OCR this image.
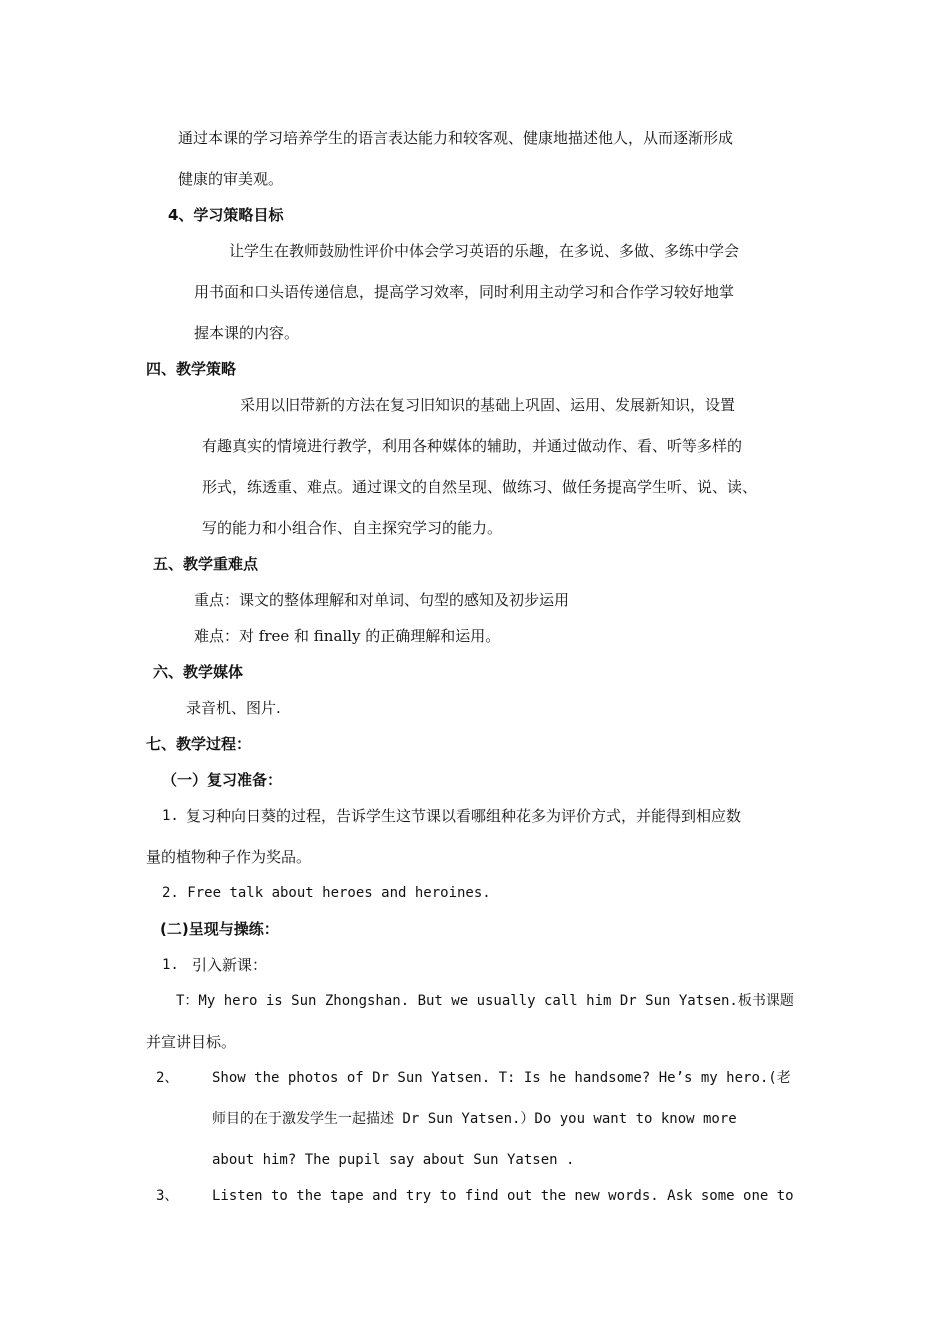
通过本课的学习培养学生的语言表达能力和较客观、健康地描述他人，从而逐渐形成
健康的审美观。
4、学习策略目标
让学生在教师鼓励性评价中体会学习英语的乐趣，在多说、多做、多练中学会
用书面和口头语传递信息，提高学习效率，同时利用主动学习和合作学习较好地掌
握本课的内容。
四、教学策略
采用以旧带新的方法在复习旧知识的基础上巩固、运用、发展新知识，设置
有趣真实的情境进行教学，利用各种媒体的辅助，并通过做动作、看、听等多样的
形式，练透重、难点。通过课文的自然呈现、做练习、做任务提高学生听、说、读、
写的能力和小组合作、自主探究学习的能力。
五、教学重难点
重点：课文的整体理解和对单词、句型的感知及初步运用
难点：对 free 和 finally 的正确理解和运用。
六、教学媒体
录音机、图片.
七、教学过程：
（一）复习准备：
1. 复习种向日葵的过程，告诉学生这节课以看哪组种花多为评价方式，并能得到相应数
量的植物种子作为奖品。
2. Free talk about heroes and heroines.
(二)呈现与操练：
1. 引入新课：
T：My hero is Sun Zhongshan. But we usually call him Dr Sun Yatsen.板书课题
并宣讲目标。
2、 Show the photos of Dr Sun Yatsen. T: Is he handsome? He’s my hero.(老
师目的在于激发学生一起描述 Dr Sun Yatsen.）Do you want to know more
about him? The pupil say about Sun Yatsen .
3、 Listen to the tape and try to find out the new words. Ask some one to
